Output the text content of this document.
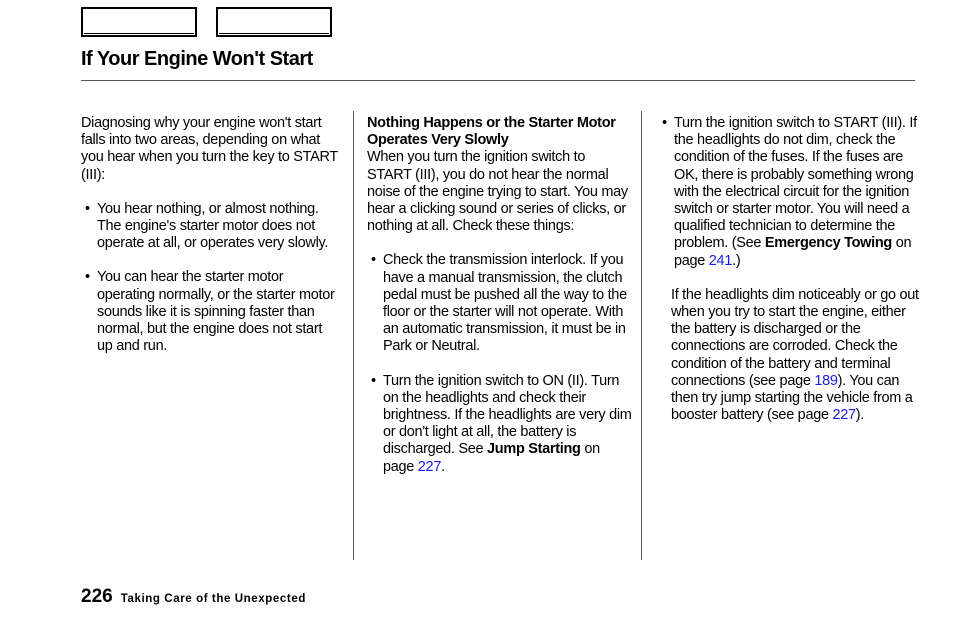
If Your Engine Won't Start

Diagnosing why your engine won't start falls into two areas, depending on what you hear when you turn the key to START (III):

• You hear nothing, or almost nothing. The engine's starter motor does not operate at all, or operates very slowly.

• You can hear the starter motor operating normally, or the starter motor sounds like it is spinning faster than normal, but the engine does not start up and run.

Nothing Happens or the Starter Motor Operates Very Slowly

When you turn the ignition switch to START (III), you do not hear the normal noise of the engine trying to start. You may hear a clicking sound or series of clicks, or nothing at all. Check these things:

• Check the transmission interlock. If you have a manual transmission, the clutch pedal must be pushed all the way to the floor or the starter will not operate. With an automatic transmission, it must be in Park or Neutral.

• Turn the ignition switch to ON (II). Turn on the headlights and check their brightness. If the headlights are very dim or don't light at all, the battery is discharged. See Jump Starting on page 227.

• Turn the ignition switch to START (III). If the headlights do not dim, check the condition of the fuses. If the fuses are OK, there is probably something wrong with the electrical circuit for the ignition switch or starter motor. You will need a qualified technician to determine the problem. (See Emergency Towing on page 241.)

If the headlights dim noticeably or go out when you try to start the engine, either the battery is discharged or the connections are corroded. Check the condition of the battery and terminal connections (see page 189). You can then try jump starting the vehicle from a booster battery (see page 227).

226 Taking Care of the Unexpected
